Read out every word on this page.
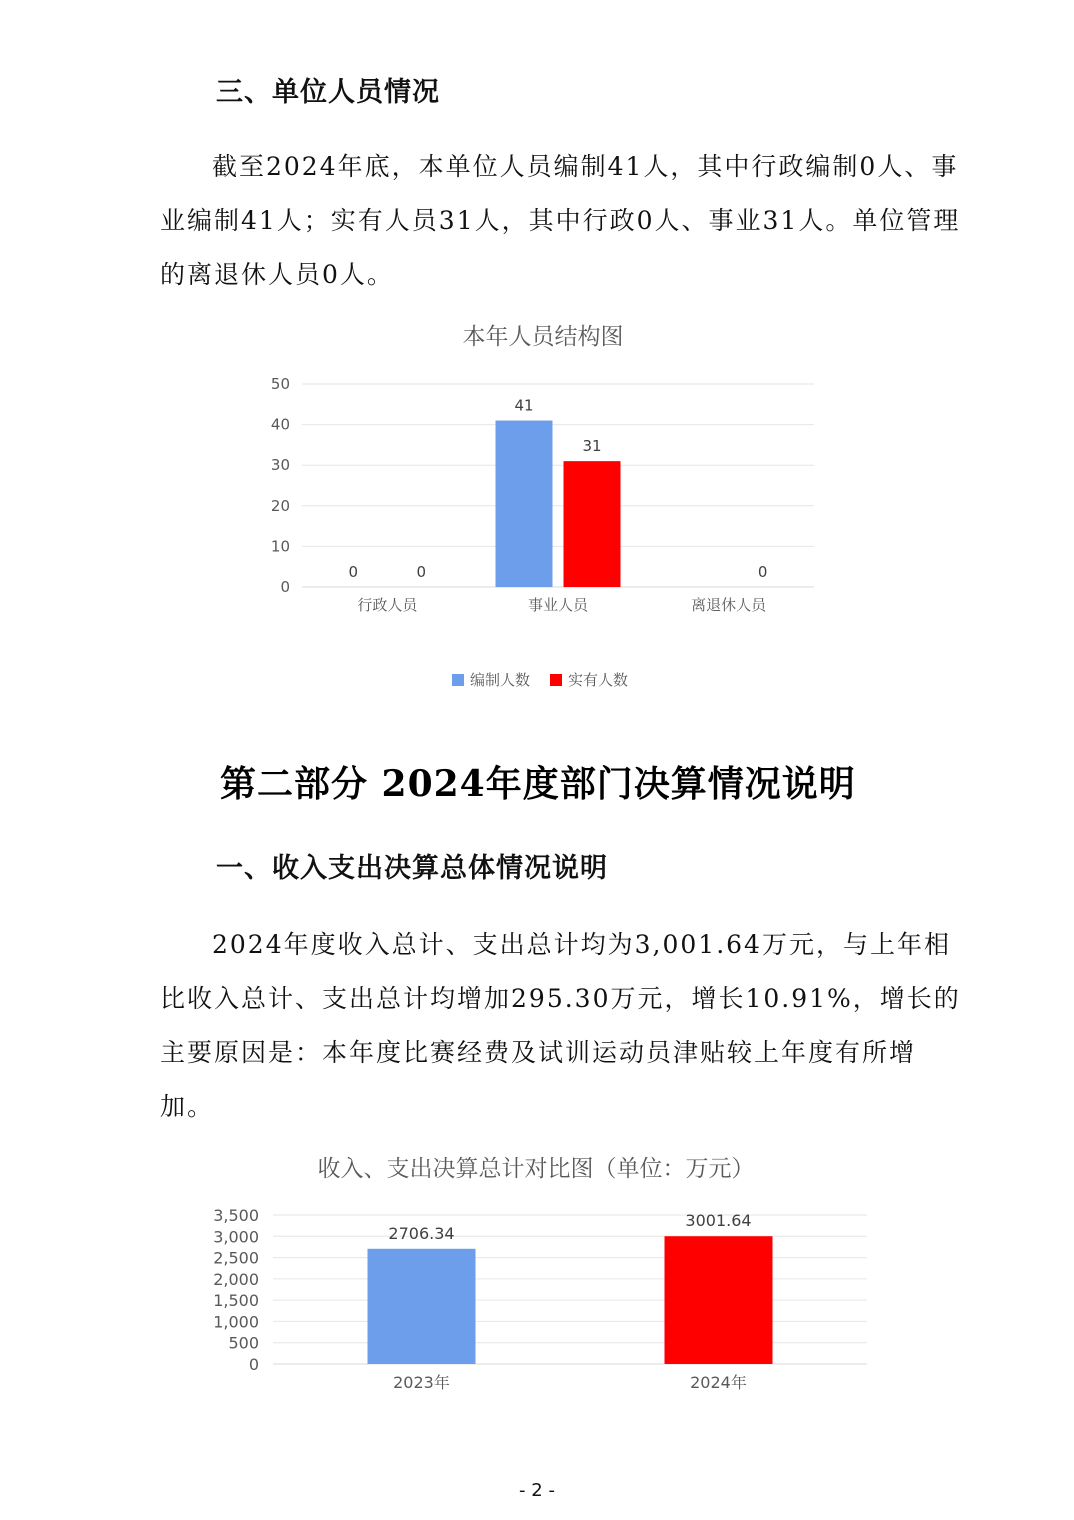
三、单位人员情况
截至2024年底，本单位人员编制41人，其中行政编制0人、事
业编制41人；实有人员31人，其中行政0人、事业31人。单位管理
的离退休人员0人。
本年人员结构图
0
10
20
30
40
50
行政人员
0	0
事业人员
41
31
离退休人员
0
编制人数	实有人数
第二部分 2024年度部门决算情况说明
一、收入支出决算总体情况说明
2024年度收入总计、支出总计均为3,001.64万元，与上年相
比收入总计、支出总计均增加295.30万元，增长10.91%，增长的
主要原因是：本年度比赛经费及试训运动员津贴较上年度有所增
加。
收入、支出决算总计对比图（单位：万元）
0
500
1,000
1,500
2,000
2,500
3,000
3,500
2706.34
2023年
3001.64
2024年
- 2 -
